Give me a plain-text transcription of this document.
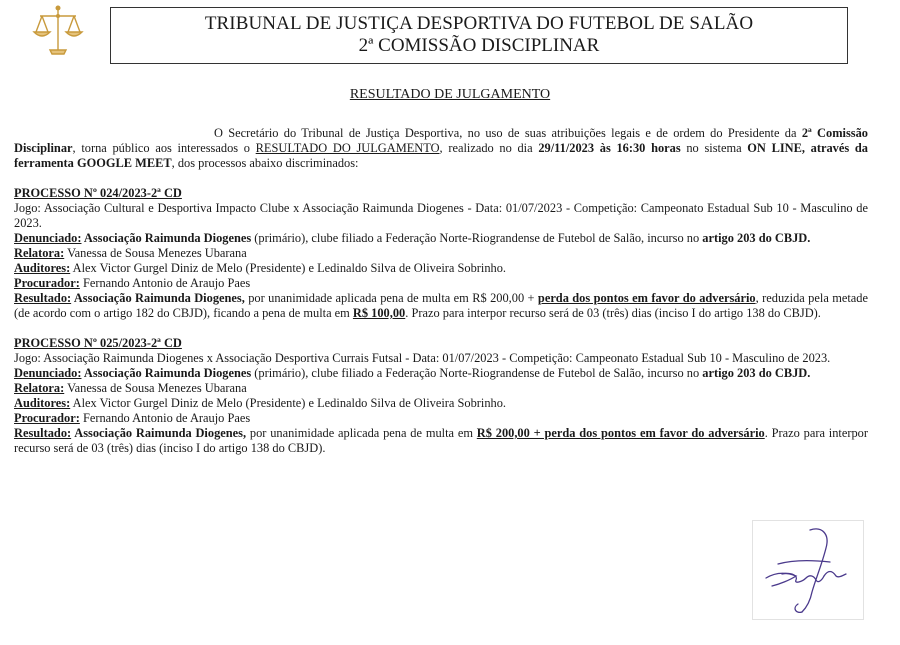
TRIBUNAL DE JUSTIÇA DESPORTIVA DO FUTEBOL DE SALÃO
2ª COMISSÃO DISCIPLINAR
RESULTADO DE JULGAMENTO

O Secretário do Tribunal de Justiça Desportiva, no uso de suas atribuições legais e de ordem do Presidente da 2ª Comissão Disciplinar, torna público aos interessados o RESULTADO DO JULGAMENTO, realizado no dia 29/11/2023 às 16:30 horas no sistema ON LINE, através da ferramenta GOOGLE MEET, dos processos abaixo discriminados:

PROCESSO Nº 024/2023-2ª CD

Jogo: Associação Cultural e Desportiva Impacto Clube x Associação Raimunda Diogenes - Data: 01/07/2023 - Competição: Campeonato Estadual Sub 10 - Masculino de 2023.

Denunciado: Associação Raimunda Diogenes (primário), clube filiado a Federação Norte-Riograndense de Futebol de Salão, incurso no artigo 203 do CBJD.

Relatora: Vanessa de Sousa Menezes Ubarana

Auditores: Alex Victor Gurgel Diniz de Melo (Presidente) e Ledinaldo Silva de Oliveira Sobrinho.

Procurador: Fernando Antonio de Araujo Paes

Resultado: Associação Raimunda Diogenes, por unanimidade aplicada pena de multa em R$ 200,00 + perda dos pontos em favor do adversário, reduzida pela metade (de acordo com o artigo 182 do CBJD), ficando a pena de multa em R$ 100,00. Prazo para interpor recurso será de 03 (três) dias (inciso I do artigo 138 do CBJD).

PROCESSO Nº 025/2023-2ª CD

Jogo: Associação Raimunda Diogenes x Associação Desportiva Currais Futsal - Data: 01/07/2023 - Competição: Campeonato Estadual Sub 10 - Masculino de 2023.

Denunciado: Associação Raimunda Diogenes (primário), clube filiado a Federação Norte-Riograndense de Futebol de Salão, incurso no artigo 203 do CBJD.

Relatora: Vanessa de Sousa Menezes Ubarana

Auditores: Alex Victor Gurgel Diniz de Melo (Presidente) e Ledinaldo Silva de Oliveira Sobrinho.

Procurador: Fernando Antonio de Araujo Paes

Resultado: Associação Raimunda Diogenes, por unanimidade aplicada pena de multa em R$ 200,00 + perda dos pontos em favor do adversário. Prazo para interpor recurso será de 03 (três) dias (inciso I do artigo 138 do CBJD).
